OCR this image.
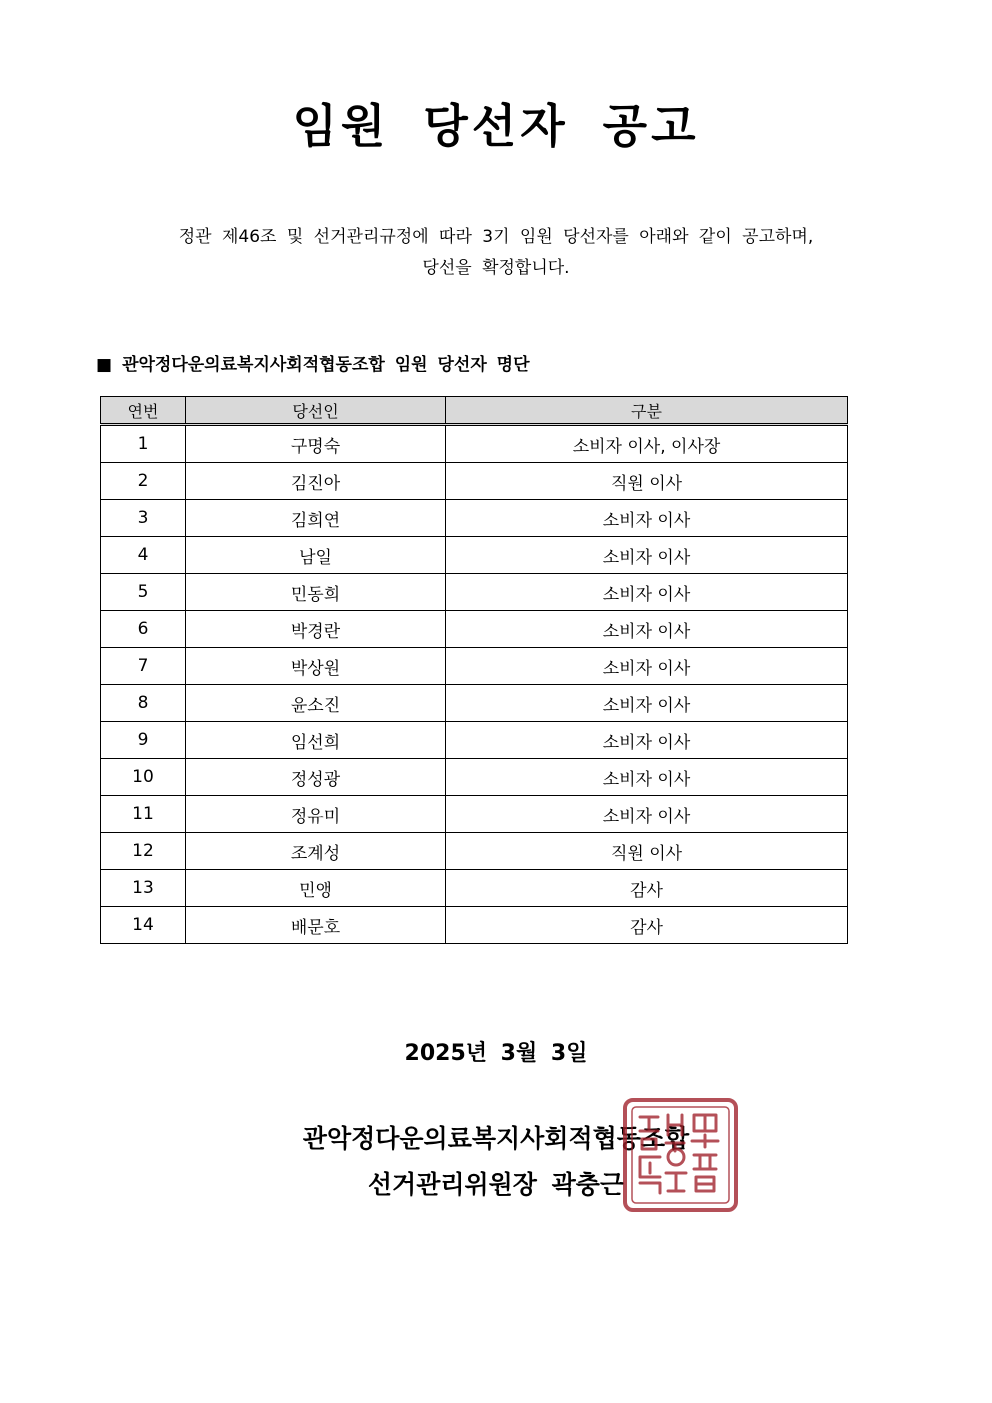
임원 당선자 공고
정관 제46조 및 선거관리규정에 따라 3기 임원 당선자를 아래와 같이 공고하며,
당선을 확정합니다.
■ 관악정다운의료복지사회적협동조합 임원 당선자 명단
연번	당선인	구분
1	구명숙	소비자 이사, 이사장
2	김진아	직원 이사
3	김희연	소비자 이사
4	남일	소비자 이사
5	민동희	소비자 이사
6	박경란	소비자 이사
7	박상원	소비자 이사
8	윤소진	소비자 이사
9	임선희	소비자 이사
10	정성광	소비자 이사
11	정유미	소비자 이사
12	조계성	직원 이사
13	민앵	감사
14	배문호	감사
2025년 3월 3일
관악정다운의료복지사회적협동조합
선거관리위원장 곽충근
